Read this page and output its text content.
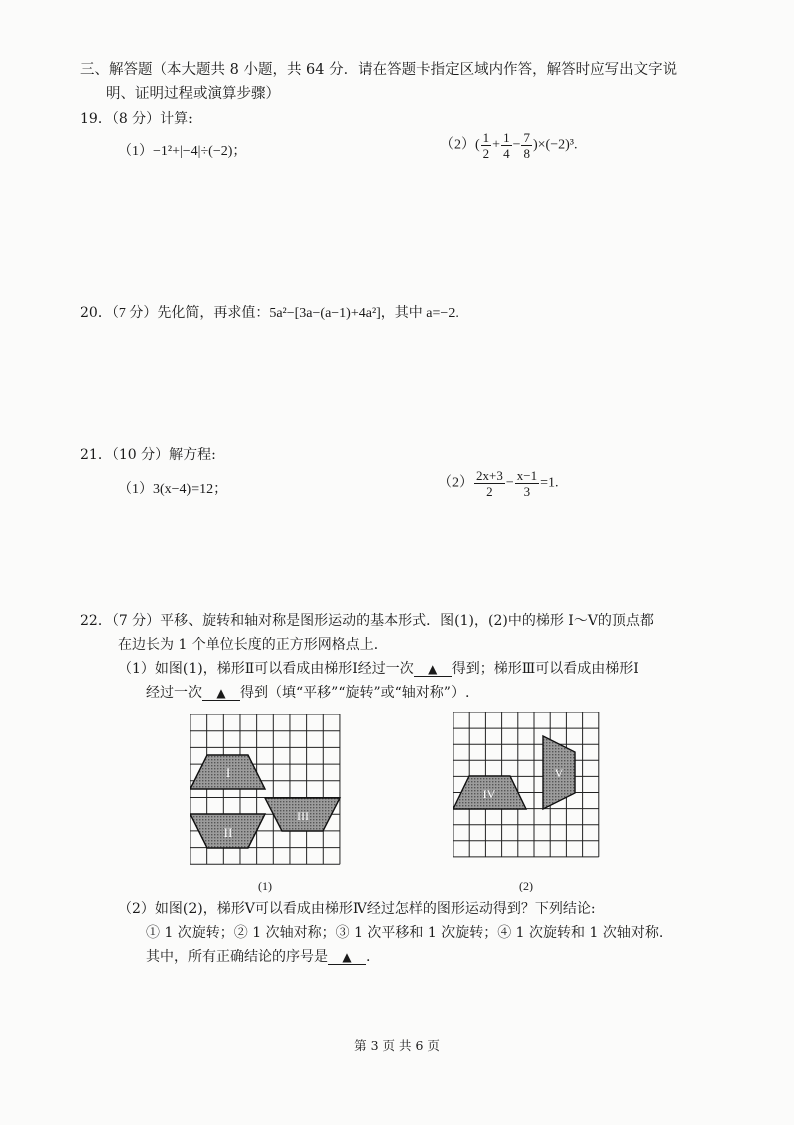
三、解答题（本大题共 8 小题，共 64 分．请在答题卡指定区域内作答，解答时应写出文字说
明、证明过程或演算步骤）
19．（8 分）计算:
（1）−1²+|−4|÷(−2)；	$(2)( \frac{1}{2} + \frac{1}{4} - \frac{7}{8} )\times(-2)^3$.
20．（7 分）先化简，再求值：5a²−[3a−(a−1)+4a²]，其中 a=−2.
21．（10 分）解方程:
（1）3(x−4)=12；	$(2) \frac{2x+3}{2} - \frac{x-1}{3} =1$.
22．（7 分）平移、旋转和轴对称是图形运动的基本形式．图(1)，(2)中的梯形 Ⅰ～Ⅴ的顶点都
在边长为 1 个单位长度的正方形网格点上．
（1）如图(1)，梯形Ⅱ可以看成由梯形Ⅰ经过一次 ▲ 得到；梯形Ⅲ可以看成由梯形Ⅰ
经过一次 ▲ 得到（填“平移”“旋转”或“轴对称”）.
I
II
III
(1)
IV
V
(2)
（2）如图(2)，梯形Ⅴ可以看成由梯形Ⅳ经过怎样的图形运动得到？下列结论:
① 1 次旋转；② 1 次轴对称；③ 1 次平移和 1 次旋转；④ 1 次旋转和 1 次轴对称.
其中，所有正确结论的序号是 ▲ .
第 3 页 共 6 页
